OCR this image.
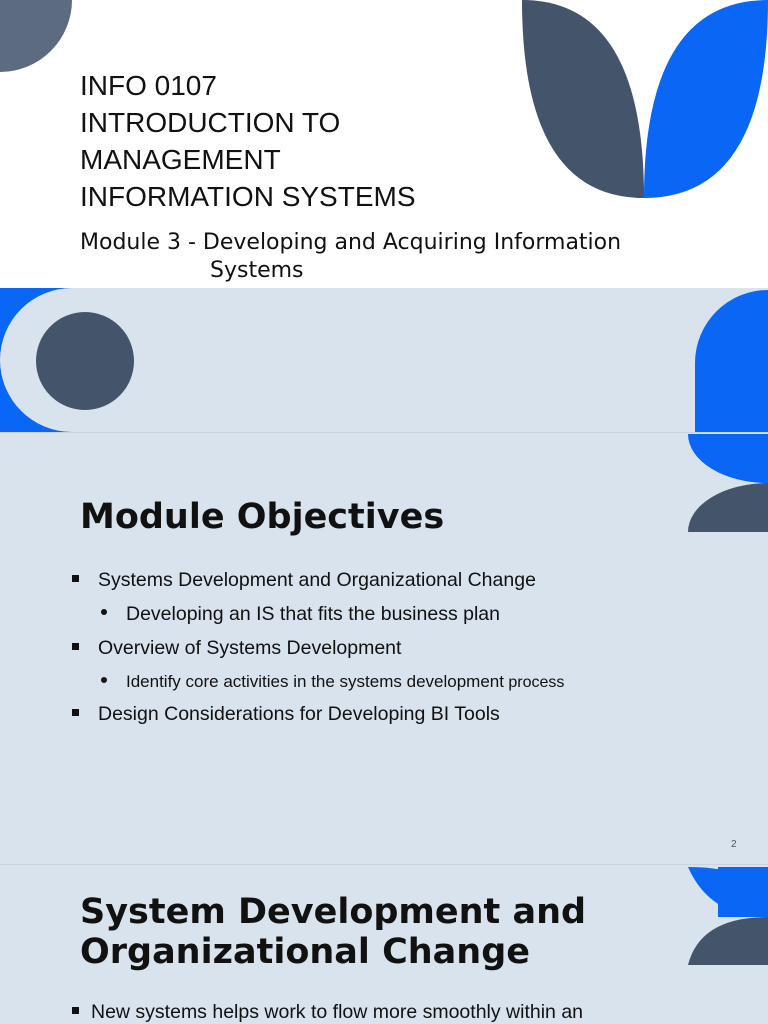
INFO 0107
INTRODUCTION TO
MANAGEMENT
INFORMATION SYSTEMS

Module 3 - Developing and Acquiring Information
Systems

Module Objectives
Systems Development and Organizational Change
Developing an IS that fits the business plan
Overview of Systems Development
Identify core activities in the systems development process
Design Considerations for Developing BI Tools
2
System Development and
Organizational Change
New systems helps work to flow more smoothly within an
